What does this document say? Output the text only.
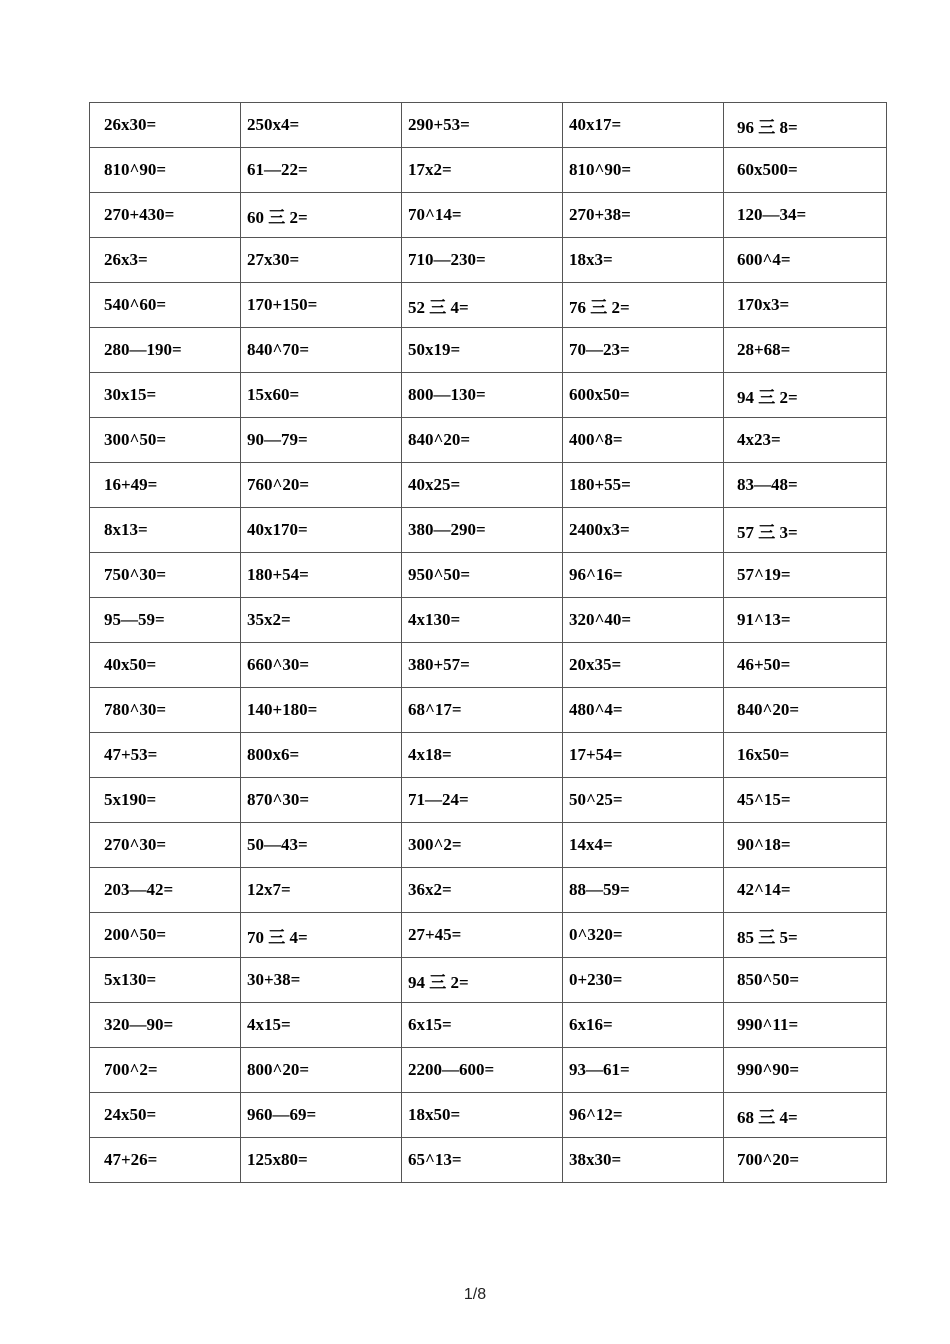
26x30=	250x4=	290+53=	40x17=	96 三 8=
810^90=	61—22=	17x2=	810^90=	60x500=
270+430=	60 三 2=	70^14=	270+38=	120—34=
26x3=	27x30=	710—230=	18x3=	600^4=
540^60=	170+150=	52 三 4=	76 三 2=	170x3=
280—190=	840^70=	50x19=	70—23=	28+68=
30x15=	15x60=	800—130=	600x50=	94 三 2=
300^50=	90—79=	840^20=	400^8=	4x23=
16+49=	760^20=	40x25=	180+55=	83—48=
8x13=	40x170=	380—290=	2400x3=	57 三 3=
750^30=	180+54=	950^50=	96^16=	57^19=
95—59=	35x2=	4x130=	320^40=	91^13=
40x50=	660^30=	380+57=	20x35=	46+50=
780^30=	140+180=	68^17=	480^4=	840^20=
47+53=	800x6=	4x18=	17+54=	16x50=
5x190=	870^30=	71—24=	50^25=	45^15=
270^30=	50—43=	300^2=	14x4=	90^18=
203—42=	12x7=	36x2=	88—59=	42^14=
200^50=	70 三 4=	27+45=	0^320=	85 三 5=
5x130=	30+38=	94 三 2=	0+230=	850^50=
320—90=	4x15=	6x15=	6x16=	990^11=
700^2=	800^20=	2200—600=	93—61=	990^90=
24x50=	960—69=	18x50=	96^12=	68 三 4=
47+26=	125x80=	65^13=	38x30=	700^20=
1/8
